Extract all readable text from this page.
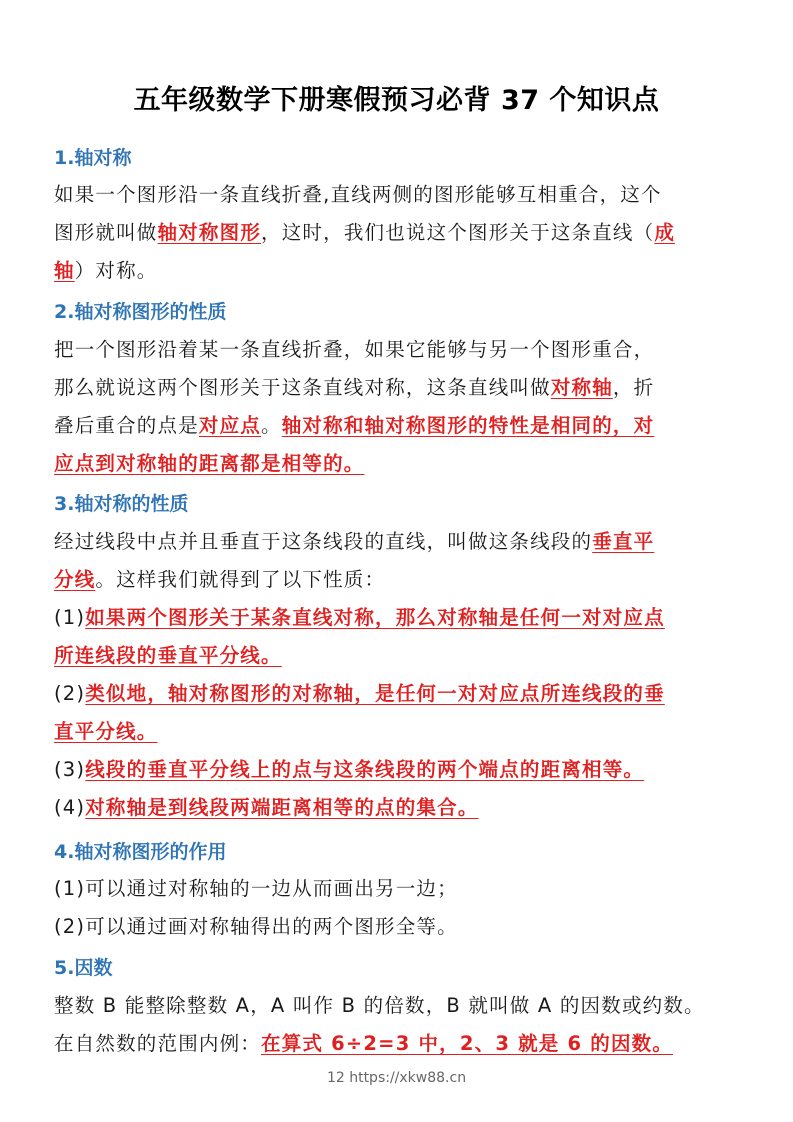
五年级数学下册寒假预习必背 37 个知识点
1.轴对称
如果一个图形沿一条直线折叠,直线两侧的图形能够互相重合，这个
图形就叫做轴对称图形，这时，我们也说这个图形关于这条直线（成
轴）对称。
2.轴对称图形的性质
把一个图形沿着某一条直线折叠，如果它能够与另一个图形重合，
那么就说这两个图形关于这条直线对称，这条直线叫做对称轴，折
叠后重合的点是对应点。轴对称和轴对称图形的特性是相同的，对
应点到对称轴的距离都是相等的。
3.轴对称的性质
经过线段中点并且垂直于这条线段的直线，叫做这条线段的垂直平
分线。这样我们就得到了以下性质：
(1)如果两个图形关于某条直线对称，那么对称轴是任何一对对应点
所连线段的垂直平分线。
(2)类似地，轴对称图形的对称轴，是任何一对对应点所连线段的垂
直平分线。
(3)线段的垂直平分线上的点与这条线段的两个端点的距离相等。
(4)对称轴是到线段两端距离相等的点的集合。
4.轴对称图形的作用
(1)可以通过对称轴的一边从而画出另一边；
(2)可以通过画对称轴得出的两个图形全等。
5.因数
整数 B 能整除整数 A，A 叫作 B 的倍数，B 就叫做 A 的因数或约数。
在自然数的范围内例：在算式 6÷2=3 中，2、3 就是 6 的因数。
12 https://xkw88.cn
